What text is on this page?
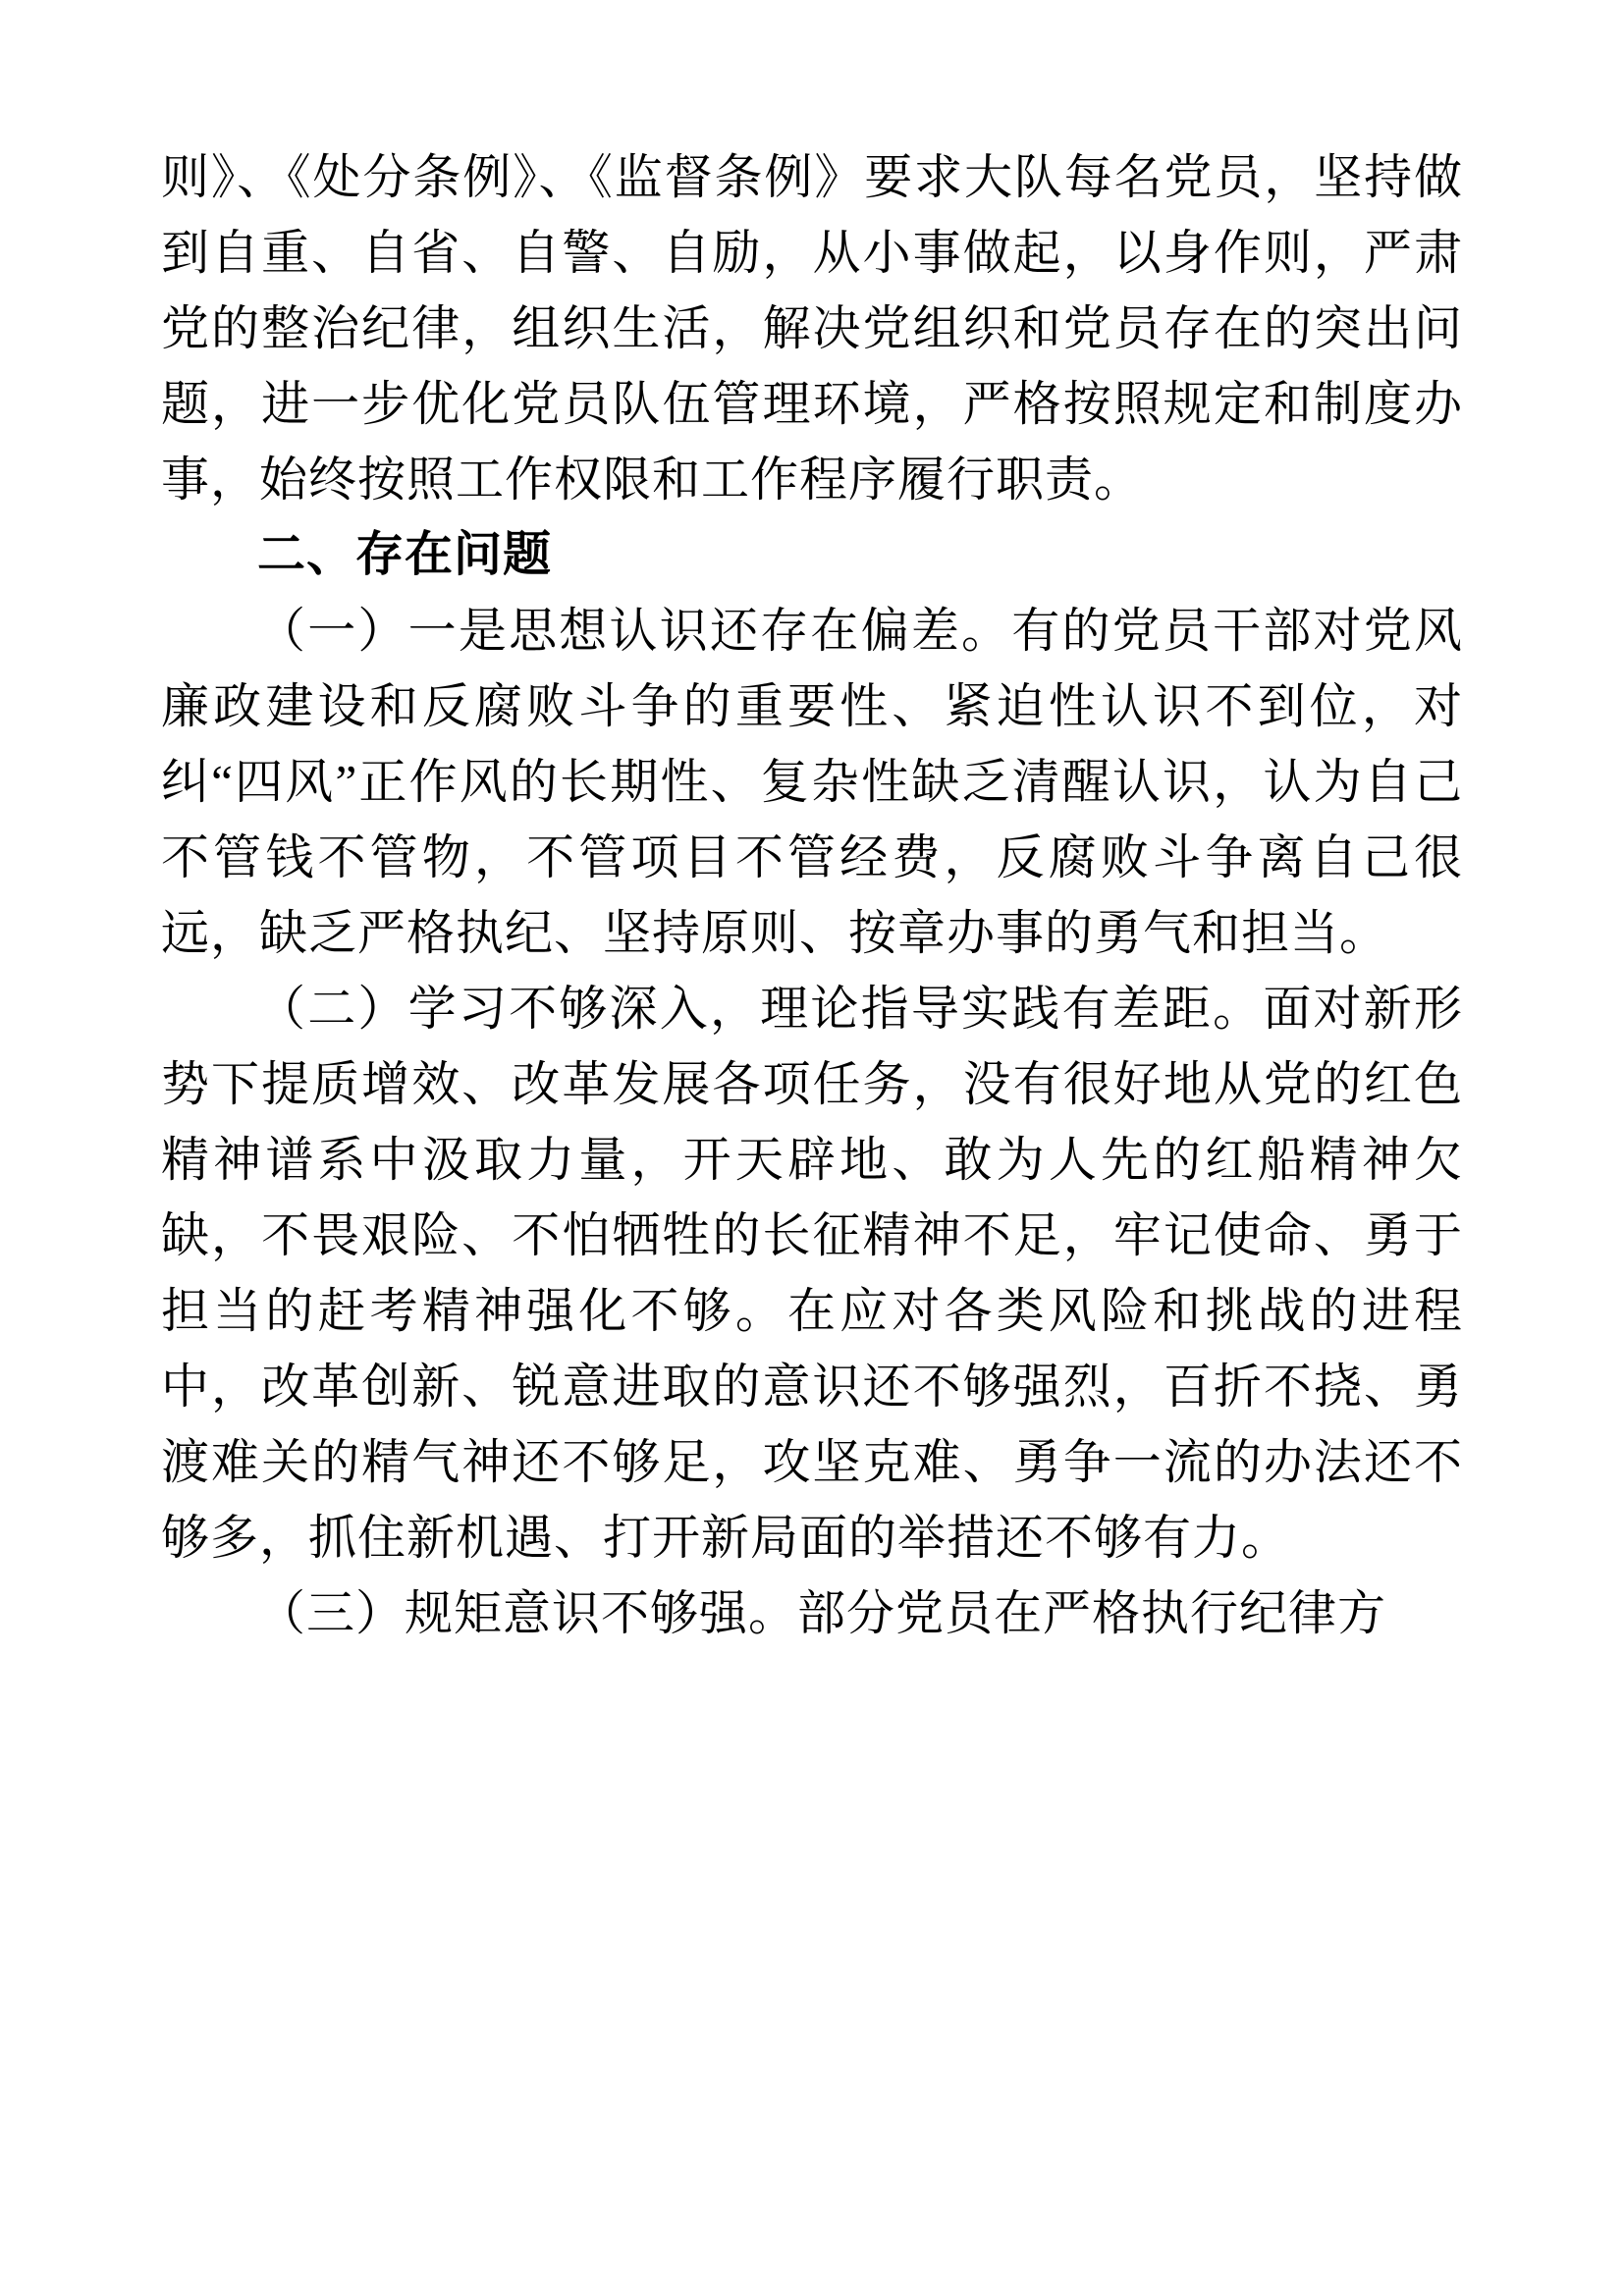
则》、《处分条例》、《监督条例》要求大队每名党员，坚持做到自重、自省、自警、自励，从小事做起，以身作则，严肃党的整治纪律，组织生活，解决党组织和党员存在的突出问题，进一步优化党员队伍管理环境，严格按照规定和制度办事，始终按照工作权限和工作程序履行职责。

二、存在问题

（一）一是思想认识还存在偏差。有的党员干部对党风廉政建设和反腐败斗争的重要性、紧迫性认识不到位，对纠“四风”正作风的长期性、复杂性缺乏清醒认识，认为自己不管钱不管物，不管项目不管经费，反腐败斗争离自己很远，缺乏严格执纪、坚持原则、按章办事的勇气和担当。

（二）学习不够深入，理论指导实践有差距。面对新形势下提质增效、改革发展各项任务，没有很好地从党的红色精神谱系中汲取力量，开天辟地、敢为人先的红船精神欠缺，不畏艰险、不怕牺牲的长征精神不足，牢记使命、勇于担当的赶考精神强化不够。在应对各类风险和挑战的进程中，改革创新、锐意进取的意识还不够强烈，百折不挠、勇渡难关的精气神还不够足，攻坚克难、勇争一流的办法还不够多，抓住新机遇、打开新局面的举措还不够有力。

（三）规矩意识不够强。部分党员在严格执行纪律方
